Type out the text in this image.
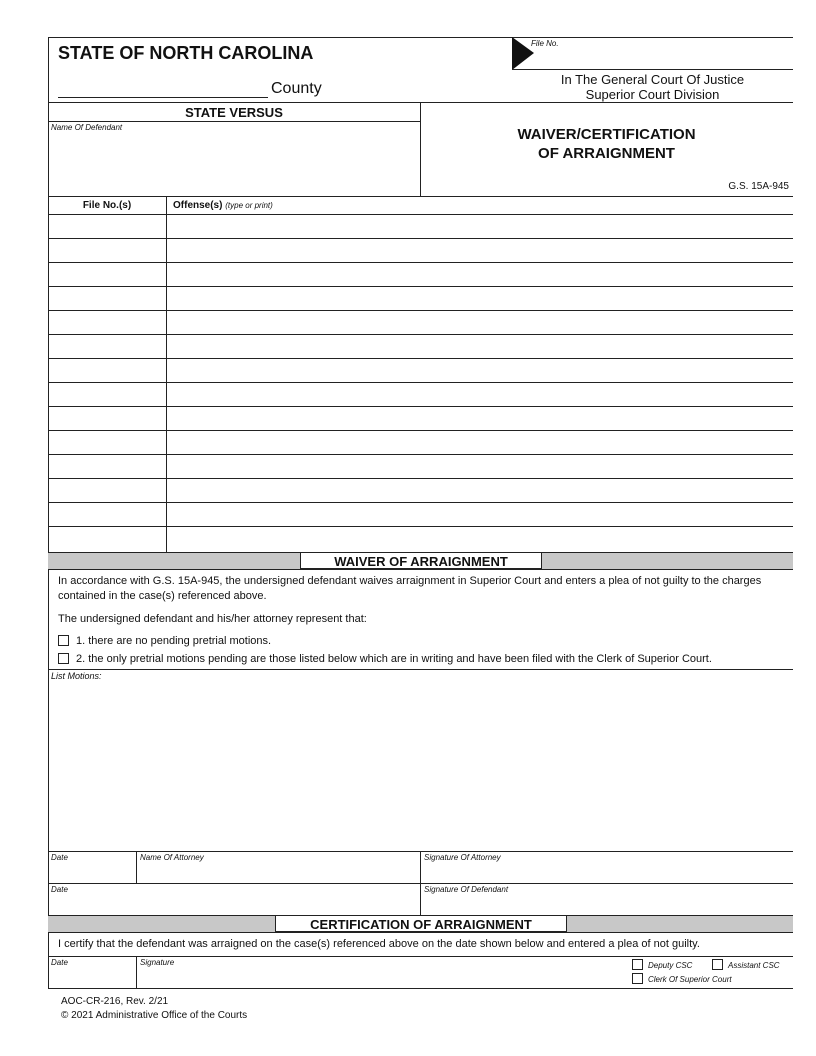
STATE OF NORTH CAROLINA
County
File No.
In The General Court Of Justice
Superior Court Division
STATE VERSUS
Name Of Defendant	WAIVER/CERTIFICATION
OF ARRAIGNMENT
G.S. 15A-945
File No.(s)	Offense(s) (type or print)
WAIVER OF ARRAIGNMENT
In accordance with G.S. 15A-945, the undersigned defendant waives arraignment in Superior Court and enters a plea of not guilty to the charges contained in the case(s) referenced above.
The undersigned defendant and his/her attorney represent that:
1. there are no pending pretrial motions.
2. the only pretrial motions pending are those listed below which are in writing and have been filed with the Clerk of Superior Court.
List Motions:
Date	Name Of Attorney	Signature Of Attorney
Date	Signature Of Defendant
CERTIFICATION OF ARRAIGNMENT
I certify that the defendant was arraigned on the case(s) referenced above on the date shown below and entered a plea of not guilty.
Date	Signature	Deputy CSC	Assistant CSC
Clerk Of Superior Court
AOC-CR-216, Rev. 2/21
© 2021 Administrative Office of the Courts
